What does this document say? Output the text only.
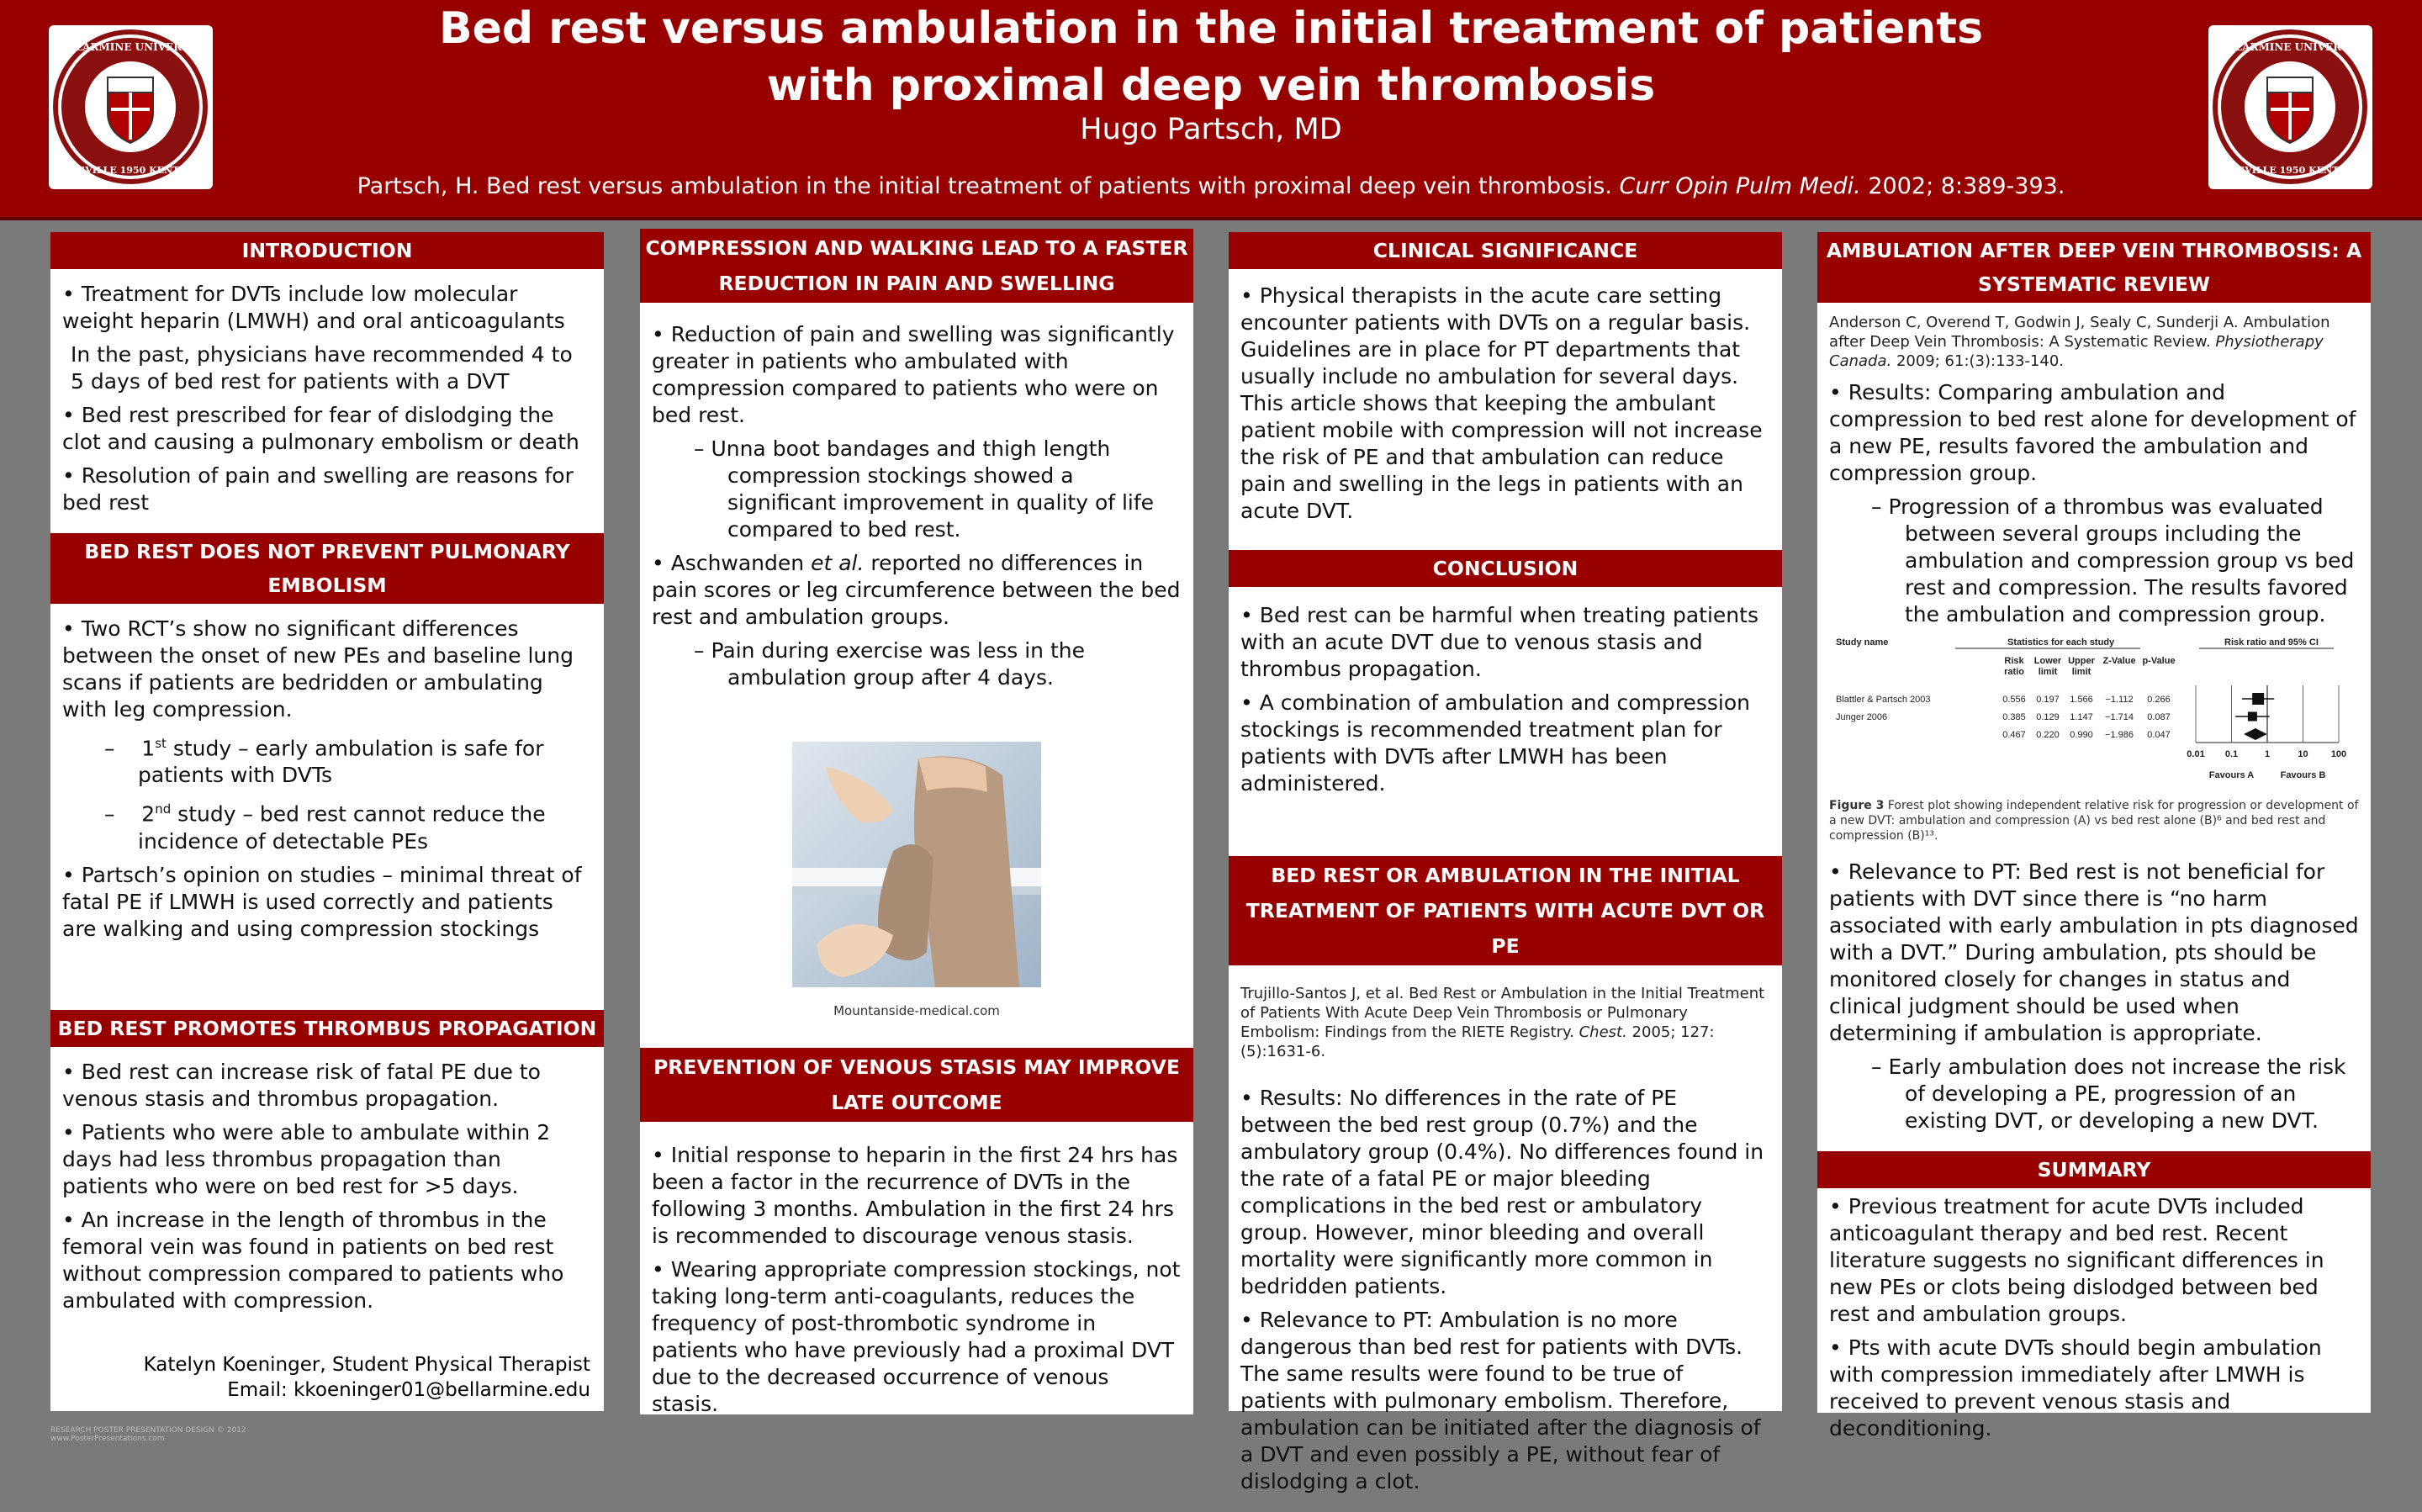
BELLARMINE UNIVERSITY
LOUISVILLE 1950 KENTUCKY
Bed rest versus ambulation in the initial treatment of patients
with proximal deep vein thrombosis
Hugo Partsch, MD
Partsch, H. Bed rest versus ambulation in the initial treatment of patients with proximal deep vein thrombosis. Curr Opin Pulm Medi. 2002; 8:389-393.
BELLARMINE UNIVERSITY
LOUISVILLE 1950 KENTUCKY
INTRODUCTION
• Treatment for DVTs include low molecular weight heparin (LMWH) and oral anticoagulants
In the past, physicians have recommended 4 to 5 days of bed rest for patients with a DVT
• Bed rest prescribed for fear of dislodging the clot and causing a pulmonary embolism or death
• Resolution of pain and swelling are reasons for bed rest
BED REST DOES NOT PREVENT PULMONARY EMBOLISM
• Two RCT’s show no significant differences between the onset of new PEs and baseline lung scans if patients are bedridden or ambulating with leg compression.
– 1st study – early ambulation is safe for patients with DVTs
– 2nd study – bed rest cannot reduce the incidence of detectable PEs
• Partsch’s opinion on studies – minimal threat of fatal PE if LMWH is used correctly and patients are walking and using compression stockings
BED REST PROMOTES THROMBUS PROPAGATION
• Bed rest can increase risk of fatal PE due to venous stasis and thrombus propagation.
• Patients who were able to ambulate within 2 days had less thrombus propagation than patients who were on bed rest for >5 days.
• An increase in the length of thrombus in the femoral vein was found in patients on bed rest without compression compared to patients who ambulated with compression.
Katelyn Koeninger, Student Physical Therapist
Email: kkoeninger01@bellarmine.edu
COMPRESSION AND WALKING LEAD TO A FASTER REDUCTION IN PAIN AND SWELLING
• Reduction of pain and swelling was significantly greater in patients who ambulated with compression compared to patients who were on bed rest.
– Unna boot bandages and thigh length compression stockings showed a significant improvement in quality of life compared to bed rest.
• Aschwanden et al. reported no differences in pain scores or leg circumference between the bed rest and ambulation groups.
– Pain during exercise was less in the ambulation group after 4 days.
Mountanside-medical.com
PREVENTION OF VENOUS STASIS MAY IMPROVE LATE OUTCOME
• Initial response to heparin in the first 24 hrs has been a factor in the recurrence of DVTs in the following 3 months. Ambulation in the first 24 hrs is recommended to discourage venous stasis.
• Wearing appropriate compression stockings, not taking long-term anti-coagulants, reduces the frequency of post-thrombotic syndrome in patients who have previously had a proximal DVT due to the decreased occurrence of venous stasis.
CLINICAL SIGNIFICANCE
• Physical therapists in the acute care setting encounter patients with DVTs on a regular basis. Guidelines are in place for PT departments that usually include no ambulation for several days. This article shows that keeping the ambulant patient mobile with compression will not increase the risk of PE and that ambulation can reduce pain and swelling in the legs in patients with an acute DVT.
CONCLUSION
• Bed rest can be harmful when treating patients with an acute DVT due to venous stasis and thrombus propagation.
• A combination of ambulation and compression stockings is recommended treatment plan for patients with DVTs after LMWH has been administered.
BED REST OR AMBULATION IN THE INITIAL TREATMENT OF PATIENTS WITH ACUTE DVT OR PE
Trujillo-Santos J, et al. Bed Rest or Ambulation in the Initial Treatment of Patients With Acute Deep Vein Thrombosis or Pulmonary Embolism: Findings from the RIETE Registry. Chest. 2005; 127:(5):1631-6.
• Results: No differences in the rate of PE between the bed rest group (0.7%) and the ambulatory group (0.4%). No differences found in the rate of a fatal PE or major bleeding complications in the bed rest or ambulatory group. However, minor bleeding and overall mortality were significantly more common in bedridden patients.
• Relevance to PT: Ambulation is no more dangerous than bed rest for patients with DVTs. The same results were found to be true of patients with pulmonary embolism. Therefore, ambulation can be initiated after the diagnosis of a DVT and even possibly a PE, without fear of dislodging a clot.
AMBULATION AFTER DEEP VEIN THROMBOSIS: A SYSTEMATIC REVIEW
Anderson C, Overend T, Godwin J, Sealy C, Sunderji A. Ambulation after Deep Vein Thrombosis: A Systematic Review. Physiotherapy Canada. 2009; 61:(3):133-140.
• Results: Comparing ambulation and compression to bed rest alone for development of a new PE, results favored the ambulation and compression group.
– Progression of a thrombus was evaluated between several groups including the ambulation and compression group vs bed rest and compression. The results favored the ambulation and compression group.
Study name	Statistics for each study	Risk ratio and 95% CI
Risk ratio
Lower limit
Upper limit
Z-Value p-Value
Blattler & Partsch 2003	0.556 0.197 1.566 −1.112 0.266
Junger 2006	0.385 0.129 1.147 −1.714 0.087
0.467 0.220 0.990 −1.986 0.047
0.01 0.1	1	10 100
Favours A	Favours B
Figure 3 Forest plot showing independent relative risk for progression or development of a new DVT: ambulation and compression (A) vs bed rest alone (B)⁶ and bed rest and compression (B)¹³.
• Relevance to PT: Bed rest is not beneficial for patients with DVT since there is “no harm associated with early ambulation in pts diagnosed with a DVT.” During ambulation, pts should be monitored closely for changes in status and clinical judgment should be used when determining if ambulation is appropriate.
– Early ambulation does not increase the risk of developing a PE, progression of an existing DVT, or developing a new DVT.
SUMMARY
• Previous treatment for acute DVTs included anticoagulant therapy and bed rest. Recent literature suggests no significant differences in new PEs or clots being dislodged between bed rest and ambulation groups.
• Pts with acute DVTs should begin ambulation with compression immediately after LMWH is received to prevent venous stasis and deconditioning.
RESEARCH POSTER PRESENTATION DESIGN © 2012
www.PosterPresentations.com
